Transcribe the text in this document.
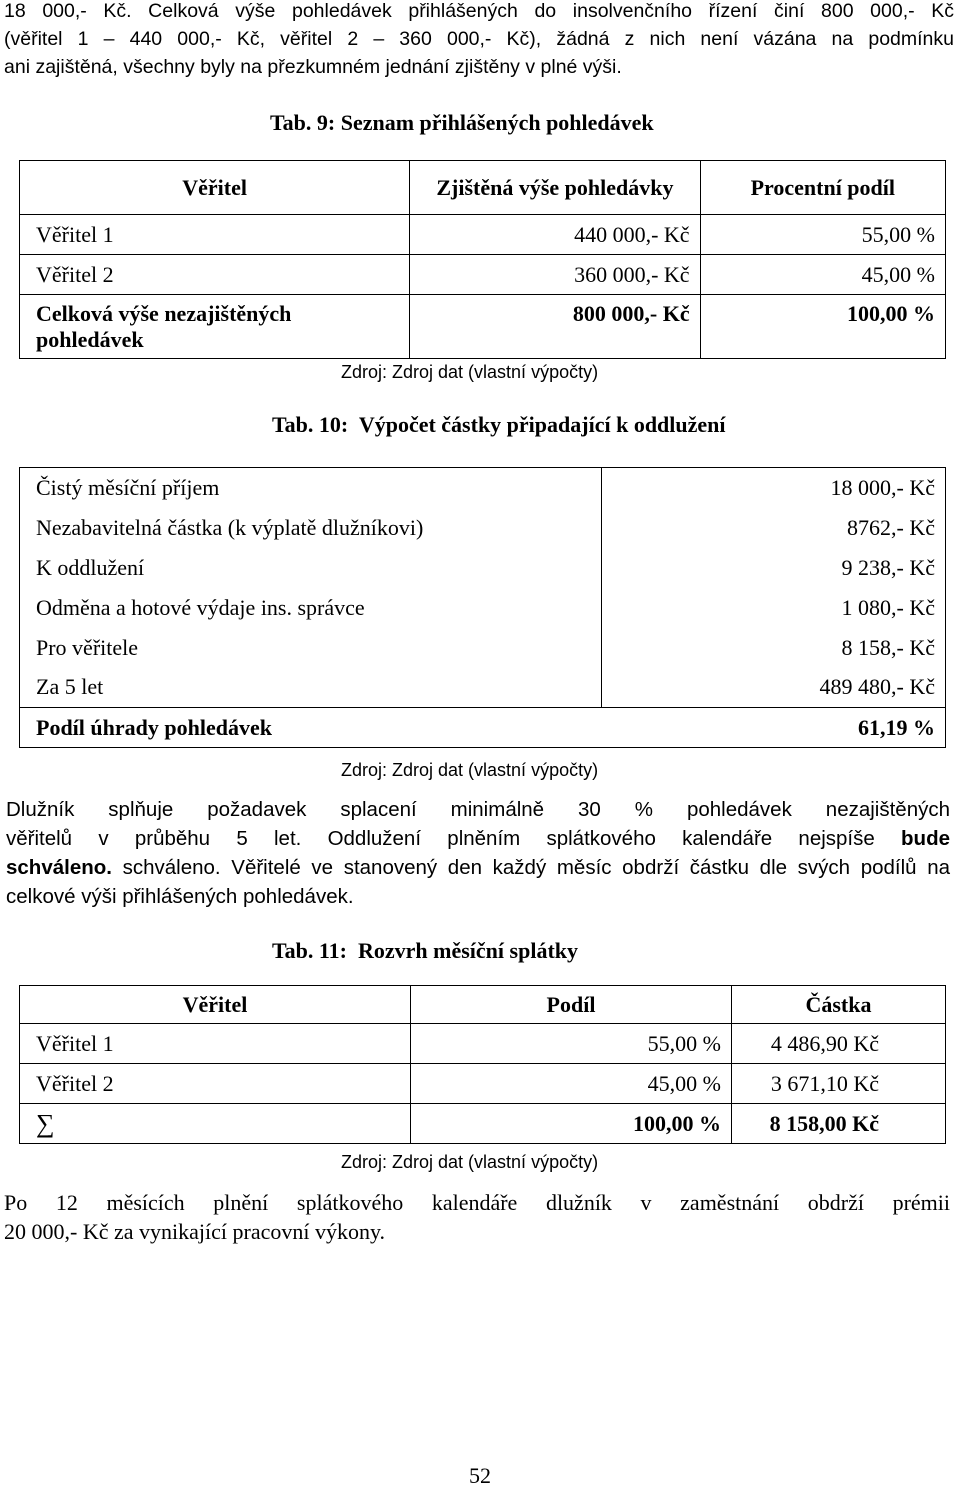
18 000,- Kč. Celková výše pohledávek přihlášených do insolvenčního řízení činí 800 000,- Kč
(věřitel 1 – 440 000,- Kč, věřitel 2 – 360 000,- Kč), žádná z nich není vázána na podmínku
ani zajištěná, všechny byly na přezkumném jednání zjištěny v plné výši.
Tab. 9: Seznam přihlášených pohledávek
Věřitel	Zjištěná výše pohledávky	Procentní podíl
Věřitel 1	440 000,- Kč	55,00 %
Věřitel 2	360 000,- Kč	45,00 %
Celková výše nezajištěných pohledávek	800 000,- Kč	100,00 %
Zdroj: Zdroj dat (vlastní výpočty)
Tab. 10:  Výpočet částky připadající k oddlužení
Čistý měsíční příjem	18 000,- Kč
Nezabavitelná částka (k výplatě dlužníkovi)	8762,- Kč
K oddlužení	9 238,- Kč
Odměna a hotové výdaje ins. správce	1 080,- Kč
Pro věřitele	8 158,- Kč
Za 5 let	489 480,- Kč
Podíl úhrady pohledávek	61,19 %
Zdroj: Zdroj dat (vlastní výpočty)
Dlužník splňuje požadavek splacení minimálně 30 % pohledávek nezajištěných
věřitelů v průběhu 5 let. Oddlužení plněním splátkového kalendáře nejspíše bude
schváleno. schváleno. Věřitelé ve stanovený den každý měsíc obdrží částku dle svých podílů na
celkové výši přihlášených pohledávek.
Tab. 11:  Rozvrh měsíční splátky
Věřitel	Podíl	Částka
Věřitel 1	55,00 %	4 486,90 Kč
Věřitel 2	45,00 %	3 671,10 Kč
∑	100,00 %	8 158,00 Kč
Zdroj: Zdroj dat (vlastní výpočty)
Po 12 měsících plnění splátkového kalendáře dlužník v zaměstnání obdrží prémii
20 000,- Kč za vynikající pracovní výkony.
52
